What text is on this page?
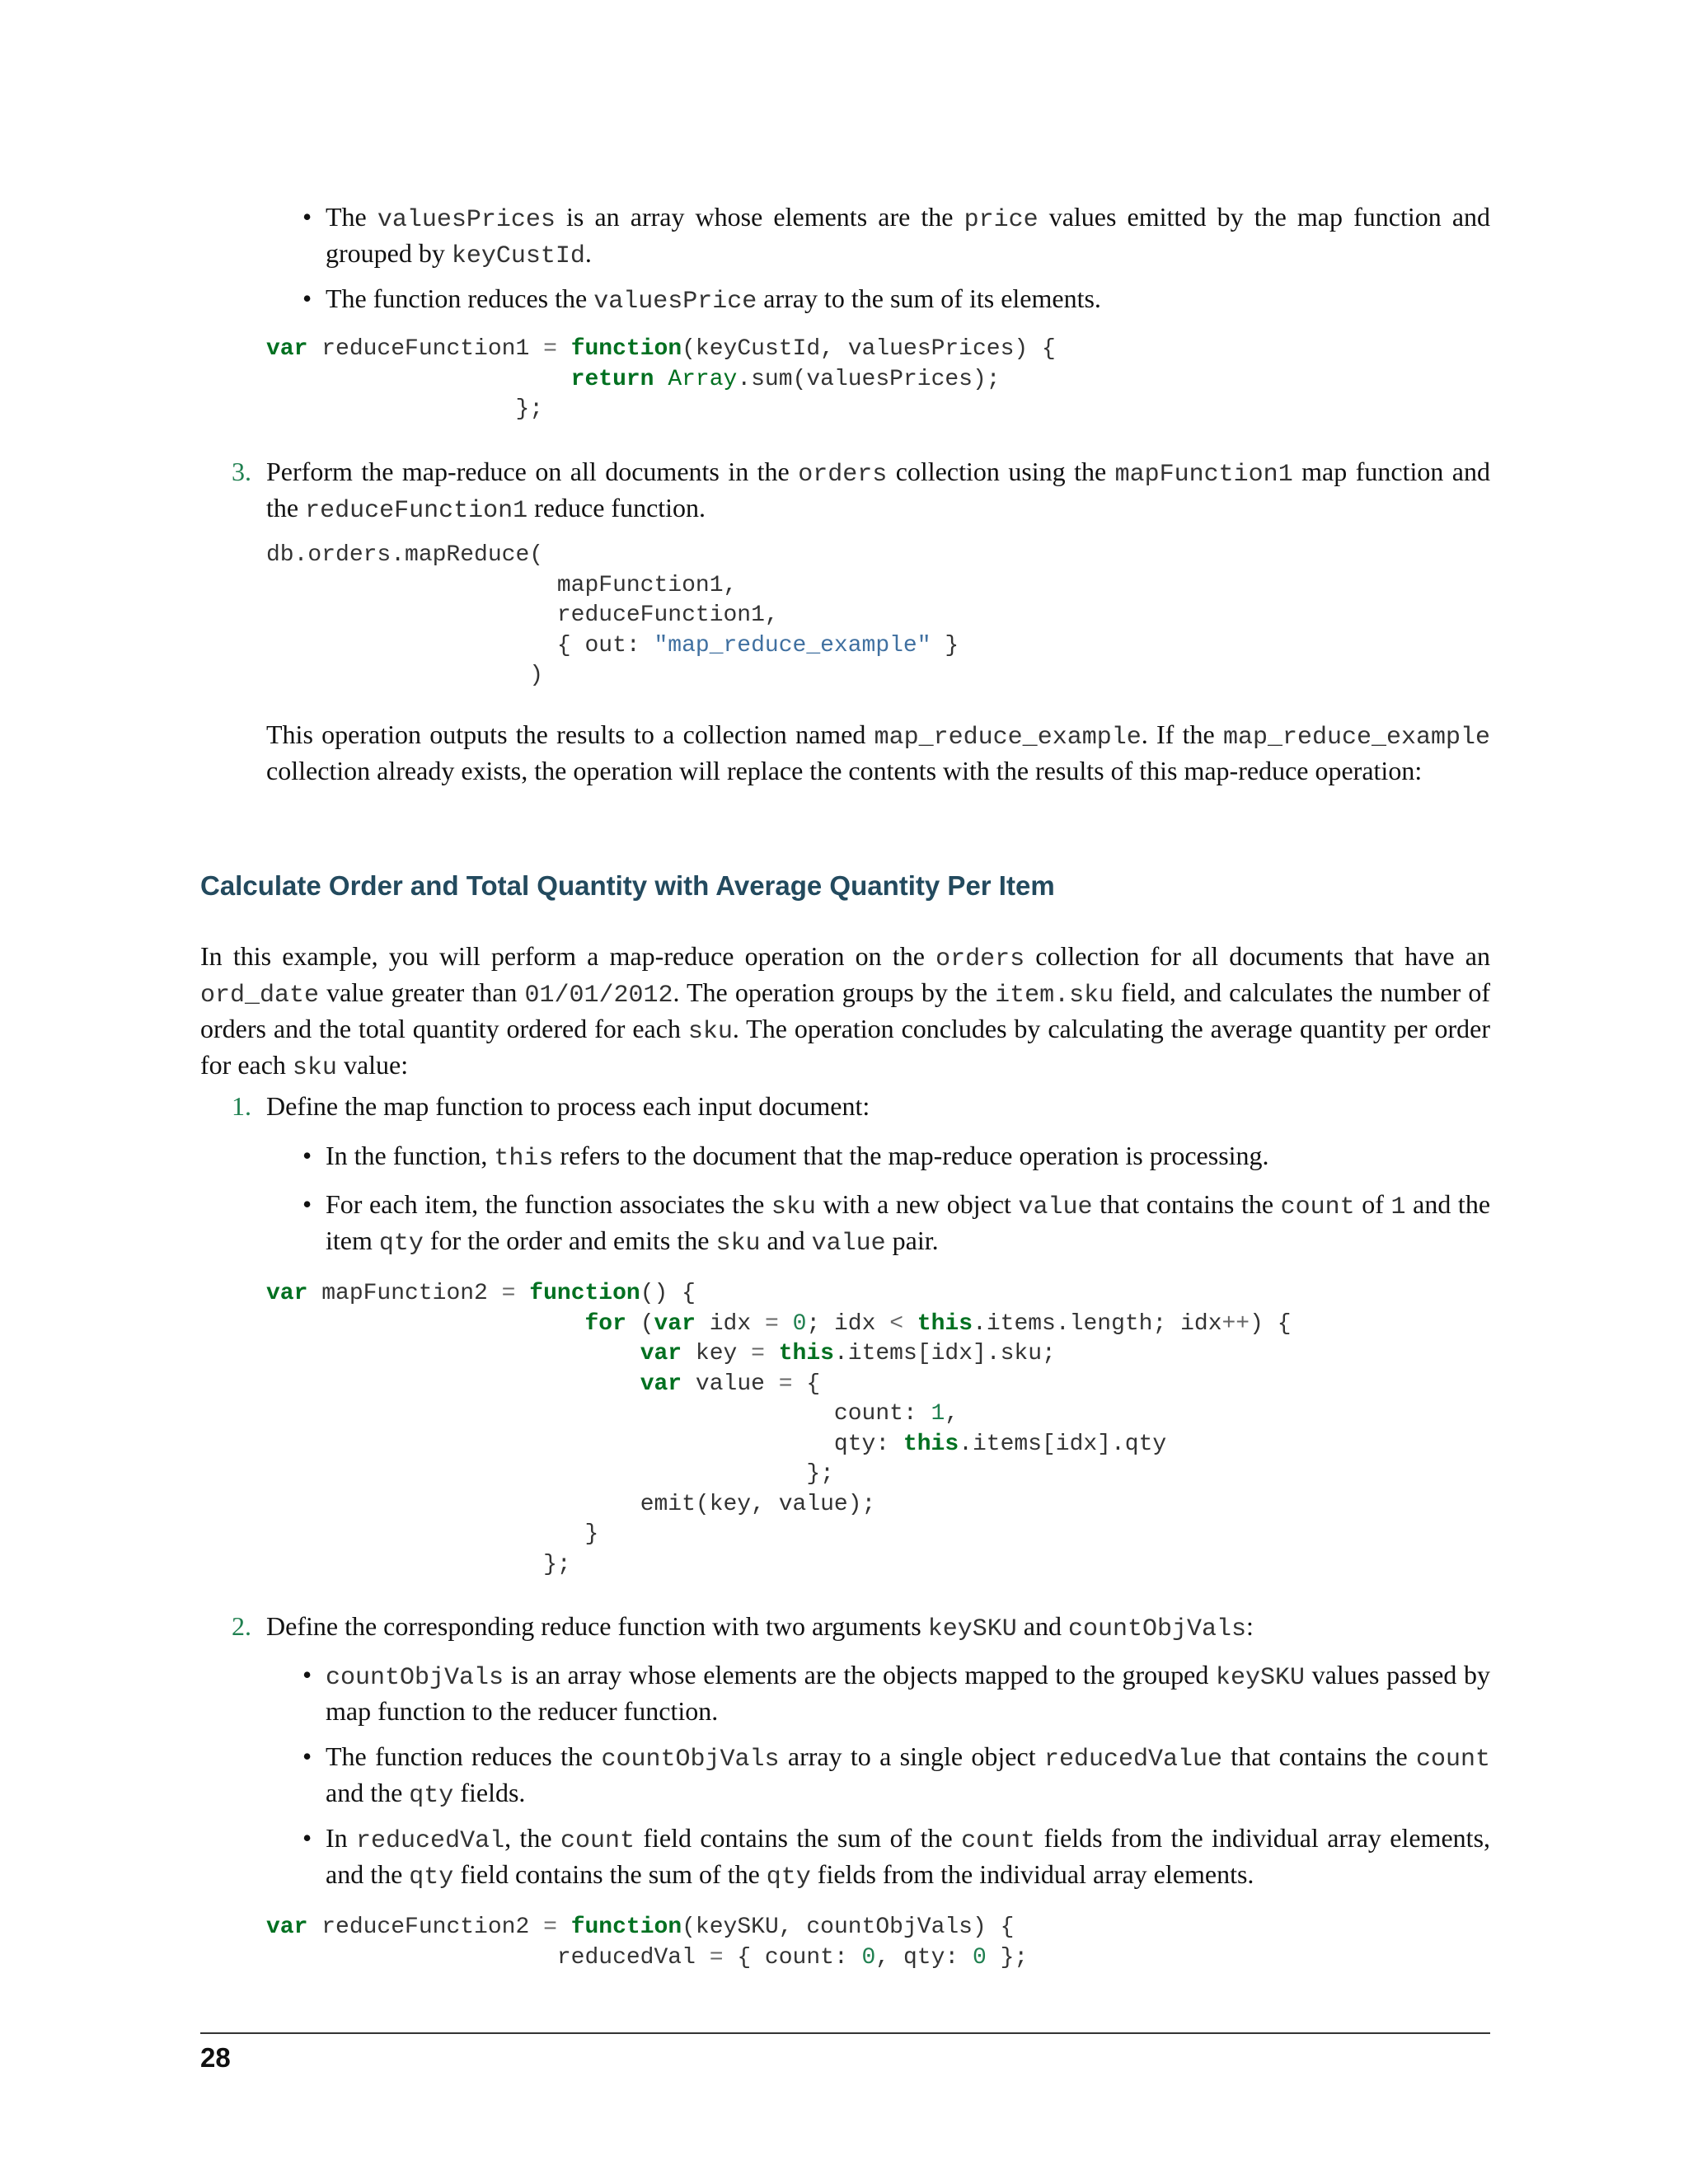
• The valuesPrices is an array whose elements are the price values emitted by the map function and grouped by keyCustId.
• The function reduces the valuesPrice array to the sum of its elements.
var reduceFunction1 = function(keyCustId, valuesPrices) {
return Array.sum(valuesPrices);
};
3. Perform the map-reduce on all documents in the orders collection using the mapFunction1 map function and the reduceFunction1 reduce function.
db.orders.mapReduce(
mapFunction1,
reduceFunction1,
{ out: "map_reduce_example" }
)
This operation outputs the results to a collection named map_reduce_example. If the map_reduce_example collection already exists, the operation will replace the contents with the results of this map-reduce operation:
Calculate Order and Total Quantity with Average Quantity Per Item
In this example, you will perform a map-reduce operation on the orders collection for all documents that have an ord_date value greater than 01/01/2012. The operation groups by the item.sku field, and calculates the number of orders and the total quantity ordered for each sku. The operation concludes by calculating the average quantity per order for each sku value:
1. Define the map function to process each input document:
• In the function, this refers to the document that the map-reduce operation is processing.
• For each item, the function associates the sku with a new object value that contains the count of 1 and the item qty for the order and emits the sku and value pair.
var mapFunction2 = function() {
for (var idx = 0; idx < this.items.length; idx++) {
var key = this.items[idx].sku;
var value = {
count: 1,
qty: this.items[idx].qty
};
emit(key, value);
}
};
2. Define the corresponding reduce function with two arguments keySKU and countObjVals:
• countObjVals is an array whose elements are the objects mapped to the grouped keySKU values passed by map function to the reducer function.
• The function reduces the countObjVals array to a single object reducedValue that contains the count and the qty fields.
• In reducedVal, the count field contains the sum of the count fields from the individual array elements, and the qty field contains the sum of the qty fields from the individual array elements.
var reduceFunction2 = function(keySKU, countObjVals) {
reducedVal = { count: 0, qty: 0 };
28
